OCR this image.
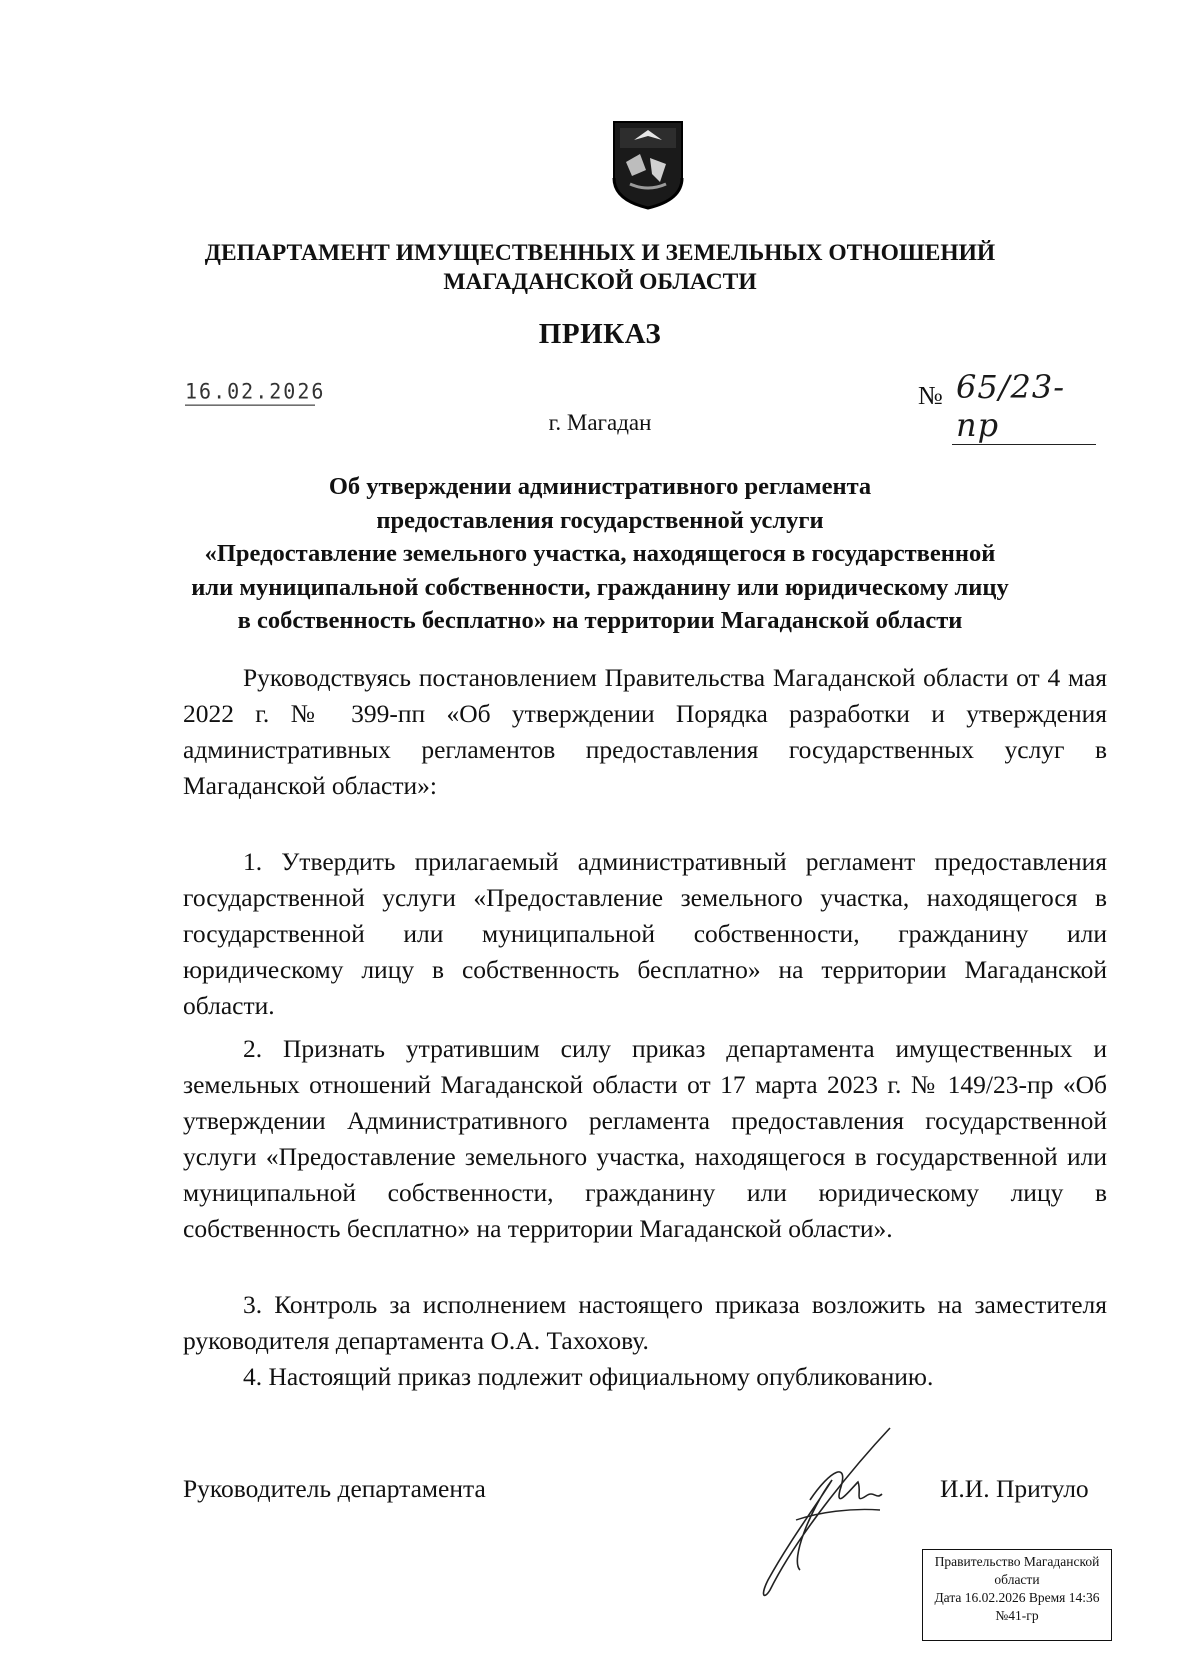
ДЕПАРТАМЕНТ ИМУЩЕСТВЕННЫХ И ЗЕМЕЛЬНЫХ ОТНОШЕНИЙ
МАГАДАНСКОЙ ОБЛАСТИ
ПРИКАЗ
16.02.2026	№ 65/23-пр
г. Магадан
Об утверждении административного регламента
предоставления государственной услуги
«Предоставление земельного участка, находящегося в государственной
или муниципальной собственности, гражданину или юридическому лицу
в собственность бесплатно» на территории Магаданской области

Руководствуясь постановлением Правительства Магаданской области от 4 мая 2022 г. № 399-пп «Об утверждении Порядка разработки и утверждения административных регламентов предоставления государственных услуг в Магаданской области»:

1. Утвердить прилагаемый административный регламент предоставления государственной услуги «Предоставление земельного участка, находящегося в государственной или муниципальной собственности, гражданину или юридическому лицу в собственность бесплатно» на территории Магаданской области.

2. Признать утратившим силу приказ департамента имущественных и земельных отношений Магаданской области от 17 марта 2023 г. № 149/23-пр «Об утверждении Административного регламента предоставления государственной услуги «Предоставление земельного участка, находящегося в государственной или муниципальной собственности, гражданину или юридическому лицу в собственность бесплатно» на территории Магаданской области».

3. Контроль за исполнением настоящего приказа возложить на заместителя руководителя департамента О.А. Тахохову.

4. Настоящий приказ подлежит официальному опубликованию.

Руководитель департамента	И.И. Притуло
Правительство Магаданской
области
Дата 16.02.2026 Время 14:36
№41-гр
